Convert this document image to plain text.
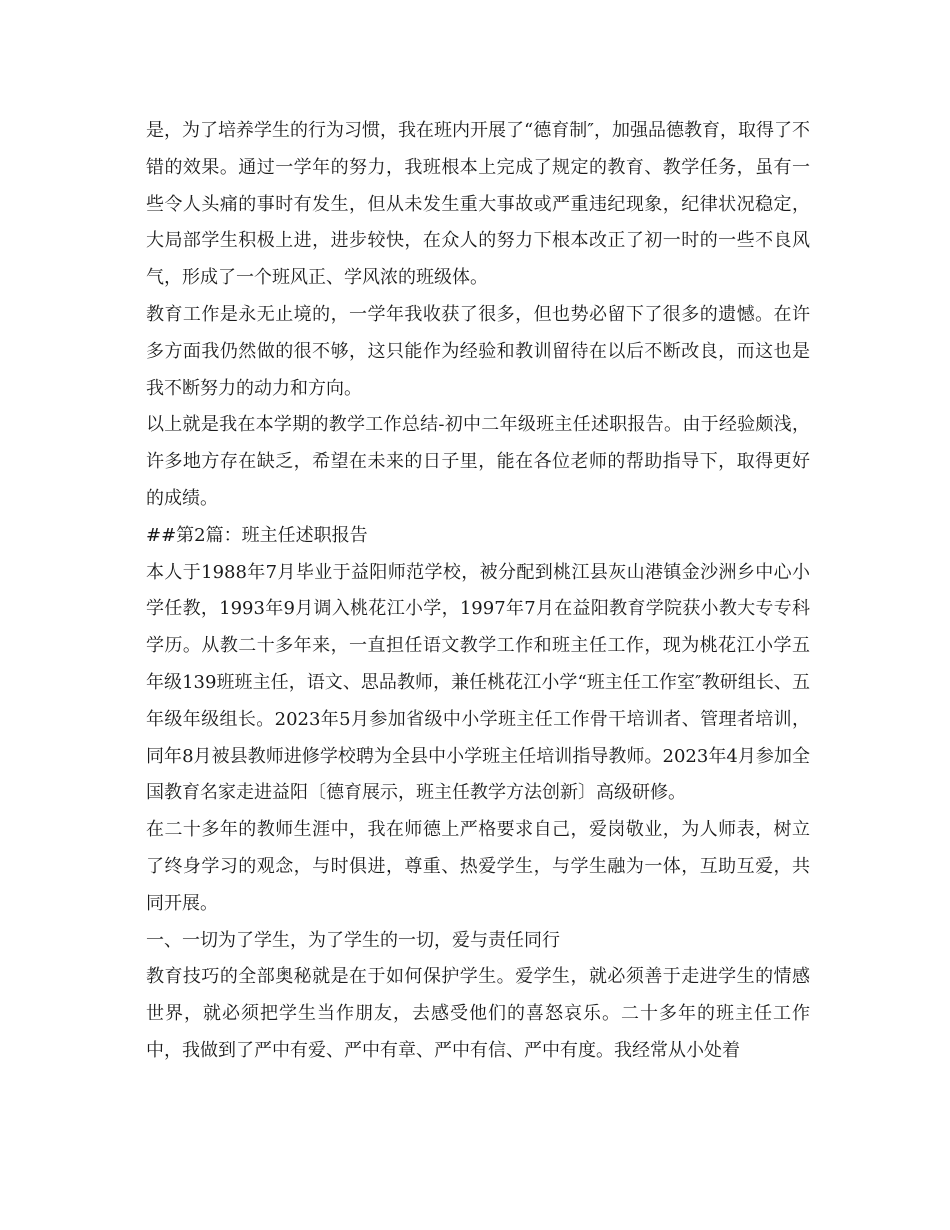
是，为了培养学生的行为习惯，我在班内开展了“德育制″，加强品德教育，取得了不错的效果。通过一学年的努力，我班根本上完成了规定的教育、教学任务，虽有一些令人头痛的事时有发生，但从未发生重大事故或严重违纪现象，纪律状况稳定，大局部学生积极上进，进步较快，在众人的努力下根本改正了初一时的一些不良风气，形成了一个班风正、学风浓的班级体。

教育工作是永无止境的，一学年我收获了很多，但也势必留下了很多的遗憾。在许多方面我仍然做的很不够，这只能作为经验和教训留待在以后不断改良，而这也是我不断努力的动力和方向。

以上就是我在本学期的教学工作总结-初中二年级班主任述职报告。由于经验颇浅，许多地方存在缺乏，希望在未来的日子里，能在各位老师的帮助指导下，取得更好的成绩。

##第2篇：班主任述职报告

本人于1988年7月毕业于益阳师范学校，被分配到桃江县灰山港镇金沙洲乡中心小学任教，1993年9月调入桃花江小学，1997年7月在益阳教育学院获小教大专专科学历。从教二十多年来，一直担任语文教学工作和班主任工作，现为桃花江小学五年级139班班主任，语文、思品教师，兼任桃花江小学“班主任工作室″教研组长、五年级年级组长。2023年5月参加省级中小学班主任工作骨干培训者、管理者培训，同年8月被县教师进修学校聘为全县中小学班主任培训指导教师。2023年4月参加全国教育名家走进益阳〔德育展示，班主任教学方法创新〕高级研修。

在二十多年的教师生涯中，我在师德上严格要求自己，爱岗敬业，为人师表，树立了终身学习的观念，与时俱进，尊重、热爱学生，与学生融为一体，互助互爱，共同开展。

一、一切为了学生，为了学生的一切，爱与责任同行

教育技巧的全部奥秘就是在于如何保护学生。爱学生，就必须善于走进学生的情感世界，就必须把学生当作朋友，去感受他们的喜怒哀乐。二十多年的班主任工作中，我做到了严中有爱、严中有章、严中有信、严中有度。我经常从小处着
